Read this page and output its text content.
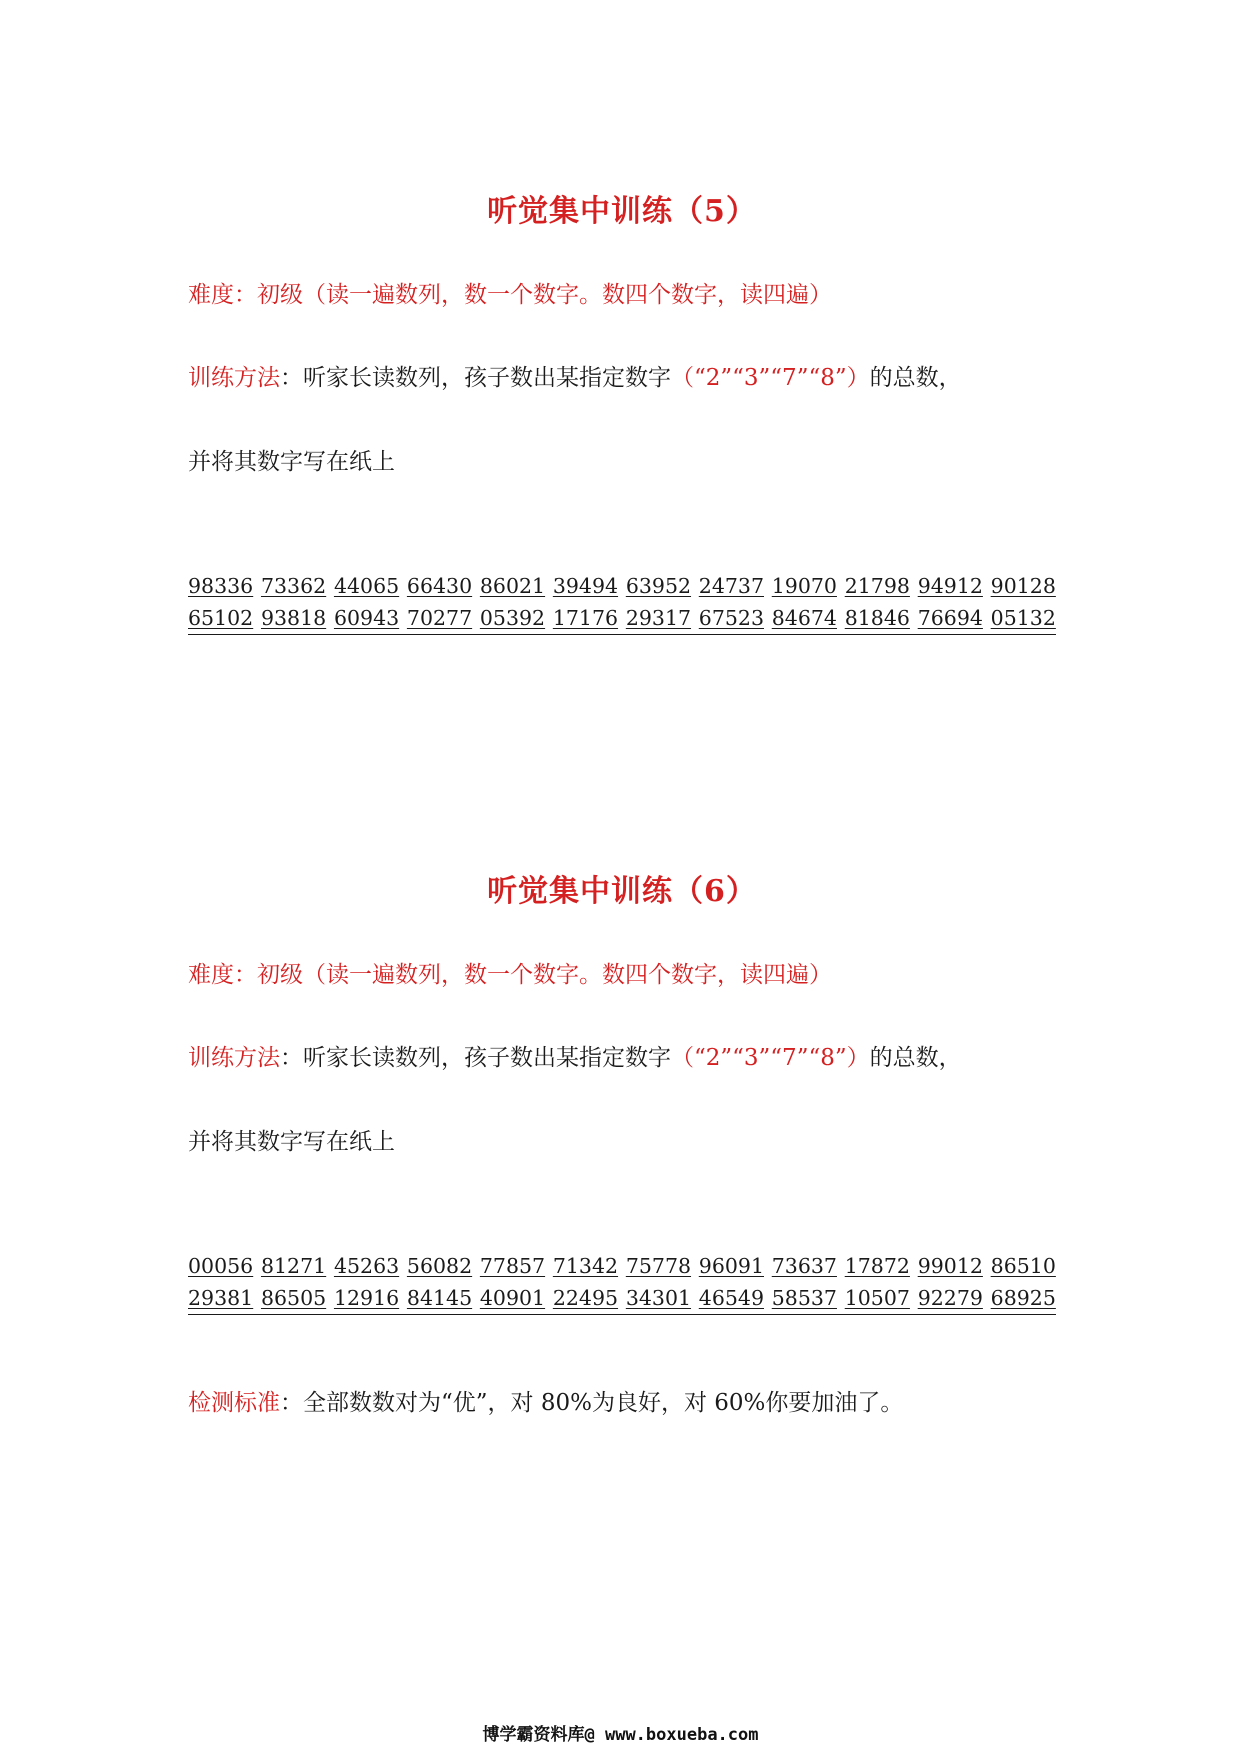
听觉集中训练（5）

难度：初级（读一遍数列，数一个数字。数四个数字，读四遍）

训练方法：听家长读数列，孩子数出某指定数字（“2”“3”“7”“8”）的总数，

并将其数字写在纸上

98336 73362 44065 66430 86021 39494 63952 24737 19070 21798 94912 90128
65102 93818 60943 70277 05392 17176 29317 67523 84674 81846 76694 05132
听觉集中训练（6）

难度：初级（读一遍数列，数一个数字。数四个数字，读四遍）

训练方法：听家长读数列，孩子数出某指定数字（“2”“3”“7”“8”）的总数，

并将其数字写在纸上

00056 81271 45263 56082 77857 71342 75778 96091 73637 17872 99012 86510
29381 86505 12916 84145 40901 22495 34301 46549 58537 10507 92279 68925

检测标准：全部数数对为“优”，对 80%为良好，对 60%你要加油了。

博学霸资料库@ www.boxueba.com
